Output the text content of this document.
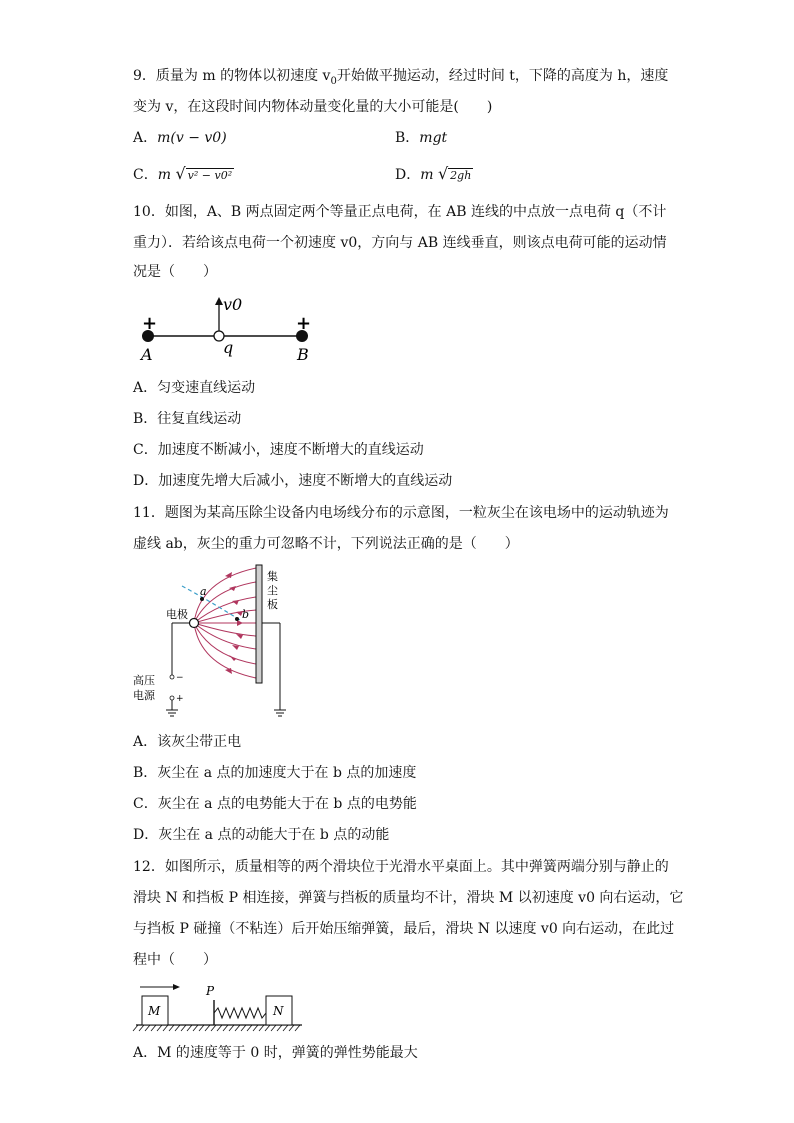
9．质量为 m 的物体以初速度 $v_0$开始做平抛运动，经过时间 t，下降的高度为 h，速度
变为 v，在这段时间内物体动量变化量的大小可能是(　　)
A．m(v − v0)	B．mgt
C．m √ v² − v0²	D．m √ 2gh
10．如图，A、B 两点固定两个等量正点电荷，在 AB 连线的中点放一点电荷 q（不计
重力）．若给该点电荷一个初速度 v0，方向与 AB 连线垂直，则该点电荷可能的运动情
况是（　　）
+	+
A	B
q
v0
A．匀变速直线运动
B．往复直线运动
C．加速度不断减小，速度不断增大的直线运动
D．加速度先增大后减小，速度不断增大的直线运动
11．题图为某高压除尘设备内电场线分布的示意图，一粒灰尘在该电场中的运动轨迹为
虚线 ab，灰尘的重力可忽略不计，下列说法正确的是（　　）
a
b
−
+
电极
集
尘
板
高压
电源
A．该灰尘带正电
B．灰尘在 a 点的加速度大于在 b 点的加速度
C．灰尘在 a 点的电势能大于在 b 点的电势能
D．灰尘在 a 点的动能大于在 b 点的动能
12．如图所示，质量相等的两个滑块位于光滑水平桌面上。其中弹簧两端分别与静止的
滑块 N 和挡板 P 相连接，弹簧与挡板的质量均不计，滑块 M 以初速度 v0 向右运动，它
与挡板 P 碰撞（不粘连）后开始压缩弹簧，最后，滑块 N 以速度 v0 向右运动，在此过
程中（　　）
M
P
N
A．M 的速度等于 0 时，弹簧的弹性势能最大
